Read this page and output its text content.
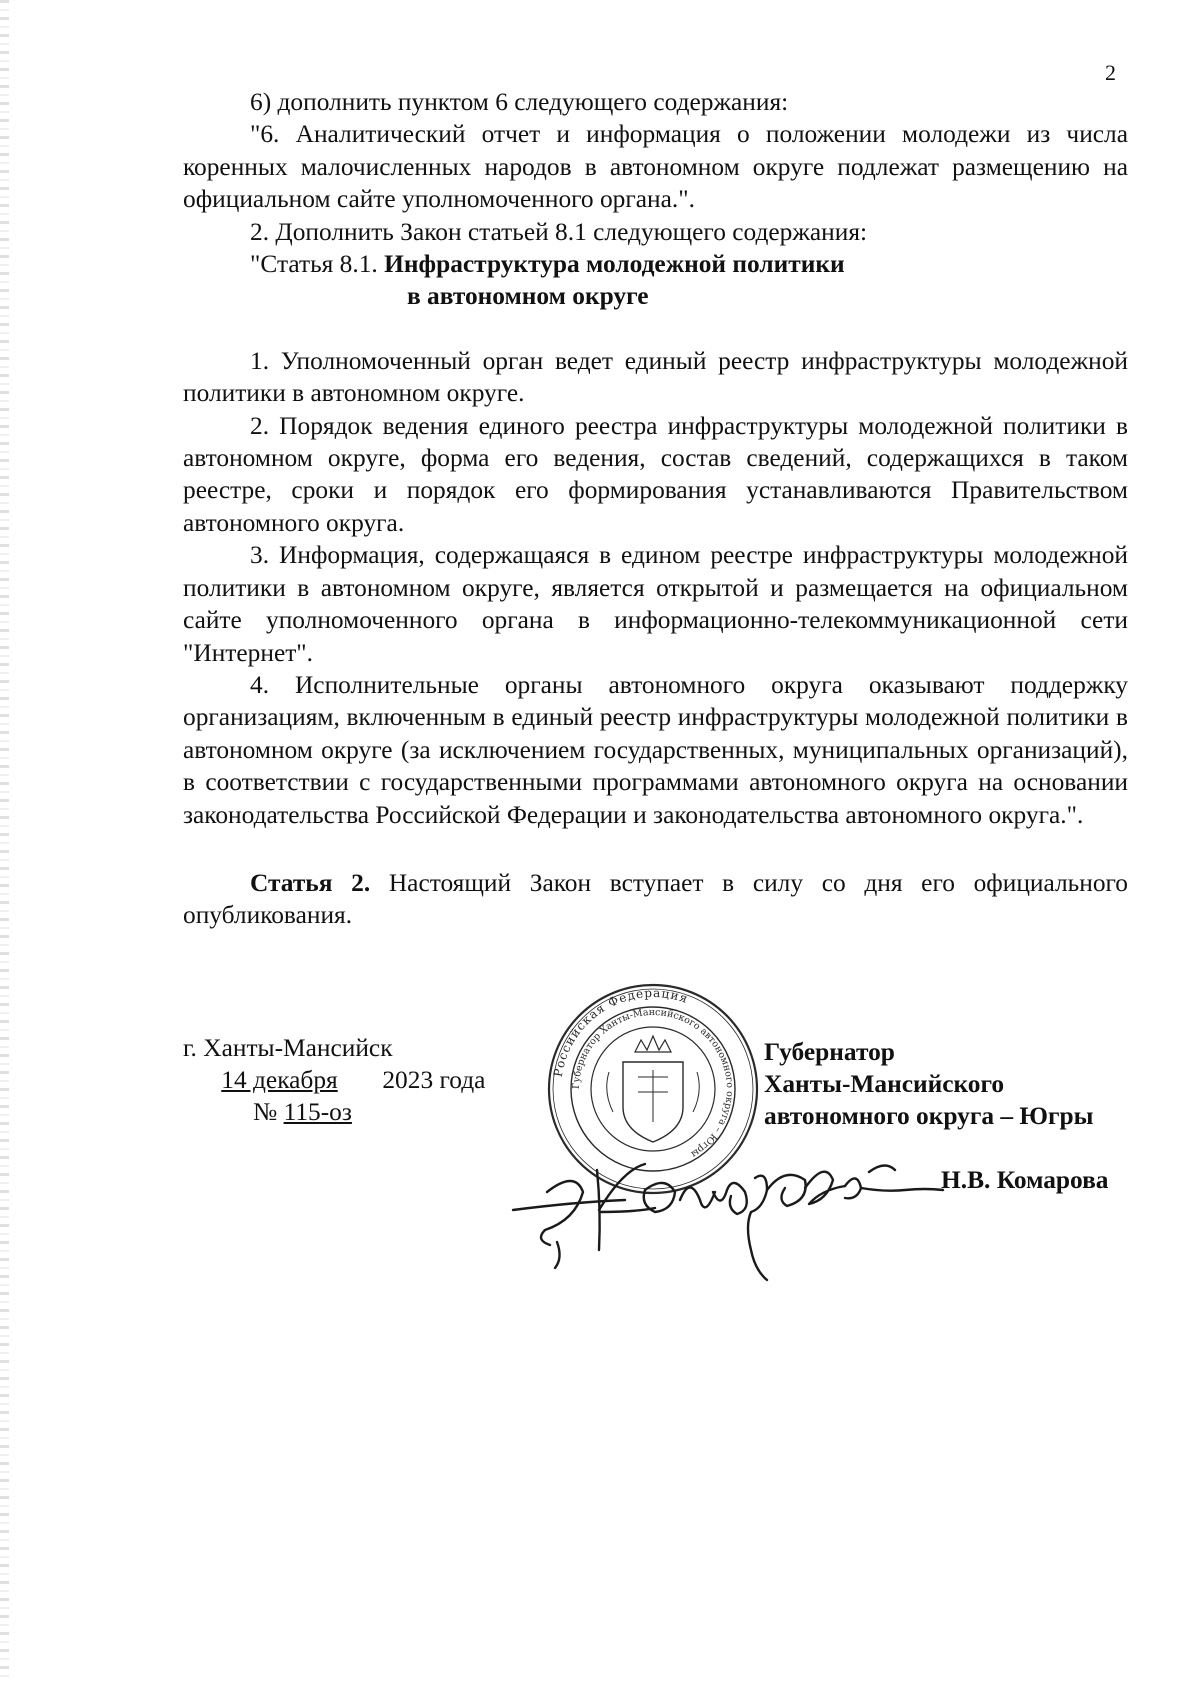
2

6) дополнить пунктом 6 следующего содержания:

"6. Аналитический отчет и информация о положении молодежи из числа коренных малочисленных народов в автономном округе подлежат размещению на официальном сайте уполномоченного органа.".

2. Дополнить Закон статьей 8.1 следующего содержания:

"Статья 8.1. Инфраструктура молодежной политики
в автономном округе

1. Уполномоченный орган ведет единый реестр инфраструктуры молодежной политики в автономном округе.

2. Порядок ведения единого реестра инфраструктуры молодежной политики в автономном округе, форма его ведения, состав сведений, содержащихся в таком реестре, сроки и порядок его формирования устанавливаются Правительством автономного округа.

3. Информация, содержащаяся в едином реестре инфраструктуры молодежной политики в автономном округе, является открытой и размещается на официальном сайте уполномоченного органа в информационно-телекоммуникационной сети "Интернет".

4. Исполнительные органы автономного округа оказывают поддержку организациям, включенным в единый реестр инфраструктуры молодежной политики в автономном округе (за исключением государственных, муниципальных организаций), в соответствии с государственными программами автономного округа на основании законодательства Российской Федерации и законодательства автономного округа.".

Статья 2. Настоящий Закон вступает в силу со дня его официального опубликования.

г. Ханты-Мансийск
14 декабря 2023 года
№ 115-оз
Российская Федерация
Губернатор Ханты-Мансийского автономного округа – Югры
Губернатор
Ханты-Мансийского
автономного округа – Югры
Н.В. Комарова
